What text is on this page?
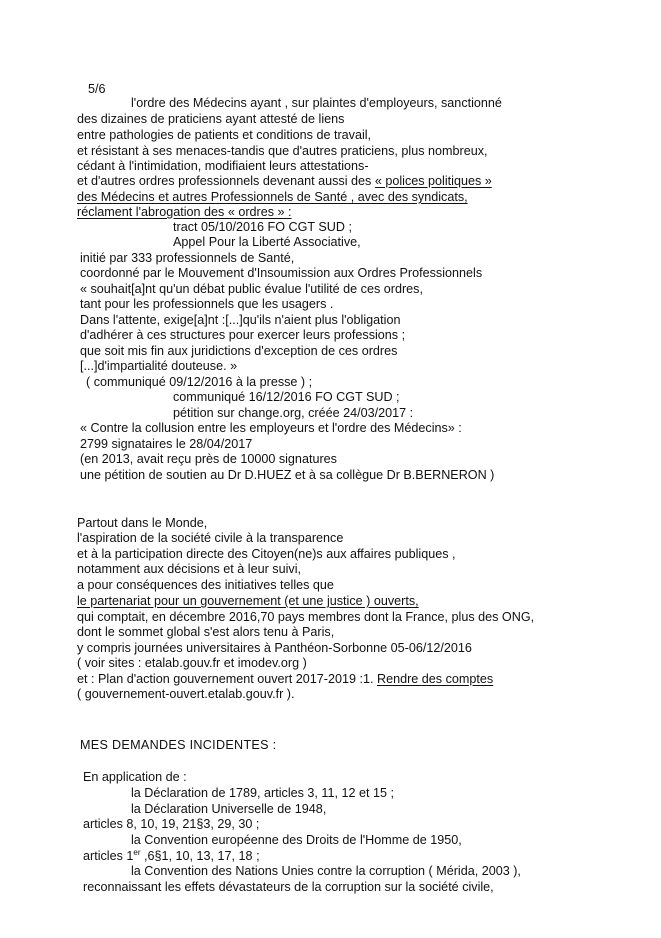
5/6
l'ordre des Médecins ayant , sur plaintes d'employeurs, sanctionné
des dizaines de praticiens ayant attesté de liens
entre pathologies de patients et conditions de travail,
et résistant à ses menaces-tandis que d'autres praticiens, plus nombreux,
cédant à l'intimidation, modifiaient leurs attestations-
et d'autres ordres professionnels devenant aussi des « polices politiques »
des Médecins et autres Professionnels de Santé , avec des syndicats,
réclament l'abrogation des « ordres » :
tract 05/10/2016 FO CGT SUD ;
Appel Pour la Liberté Associative,
initié par 333 professionnels de Santé,
coordonné par le Mouvement d'Insoumission aux Ordres Professionnels
« souhait[a]nt qu'un débat public évalue l'utilité de ces ordres,
tant pour les professionnels que les usagers .
Dans l'attente, exige[a]nt :[...]qu'ils n'aient plus l'obligation
d'adhérer à ces structures pour exercer leurs professions ;
que soit mis fin aux juridictions d'exception de ces ordres
[...]d'impartialité douteuse. »
( communiqué 09/12/2016 à la presse ) ;
communiqué 16/12/2016 FO CGT SUD ;
pétition sur change.org, créée 24/03/2017 :
« Contre la collusion entre les employeurs et l'ordre des Médecins» :
2799 signataires le 28/04/2017
(en 2013, avait reçu près de 10000 signatures
une pétition de soutien au Dr D.HUEZ et à sa collègue Dr B.BERNERON )
Partout dans le Monde,
l'aspiration de la société civile à la transparence
et à la participation directe des Citoyen(ne)s aux affaires publiques ,
notamment aux décisions et à leur suivi,
a pour conséquences des initiatives telles que
le partenariat pour un gouvernement (et une justice ) ouverts,
qui comptait, en décembre 2016,70 pays membres dont la France, plus des ONG,
dont le sommet global s'est alors tenu à Paris,
y compris journées universitaires à Panthéon-Sorbonne 05-06/12/2016
( voir sites : etalab.gouv.fr et imodev.org )
et : Plan d'action gouvernement ouvert 2017-2019 :1. Rendre des comptes
( gouvernement-ouvert.etalab.gouv.fr ).
MES DEMANDES INCIDENTES :
En application de :
la Déclaration de 1789, articles 3, 11, 12 et 15 ;
la Déclaration Universelle de 1948,
articles 8, 10, 19, 21§3, 29, 30 ;
la Convention européenne des Droits de l'Homme de 1950,
articles 1er ,6§1, 10, 13, 17, 18 ;
la Convention des Nations Unies contre la corruption ( Mérida, 2003 ),
reconnaissant les effets dévastateurs de la corruption sur la société civile,
